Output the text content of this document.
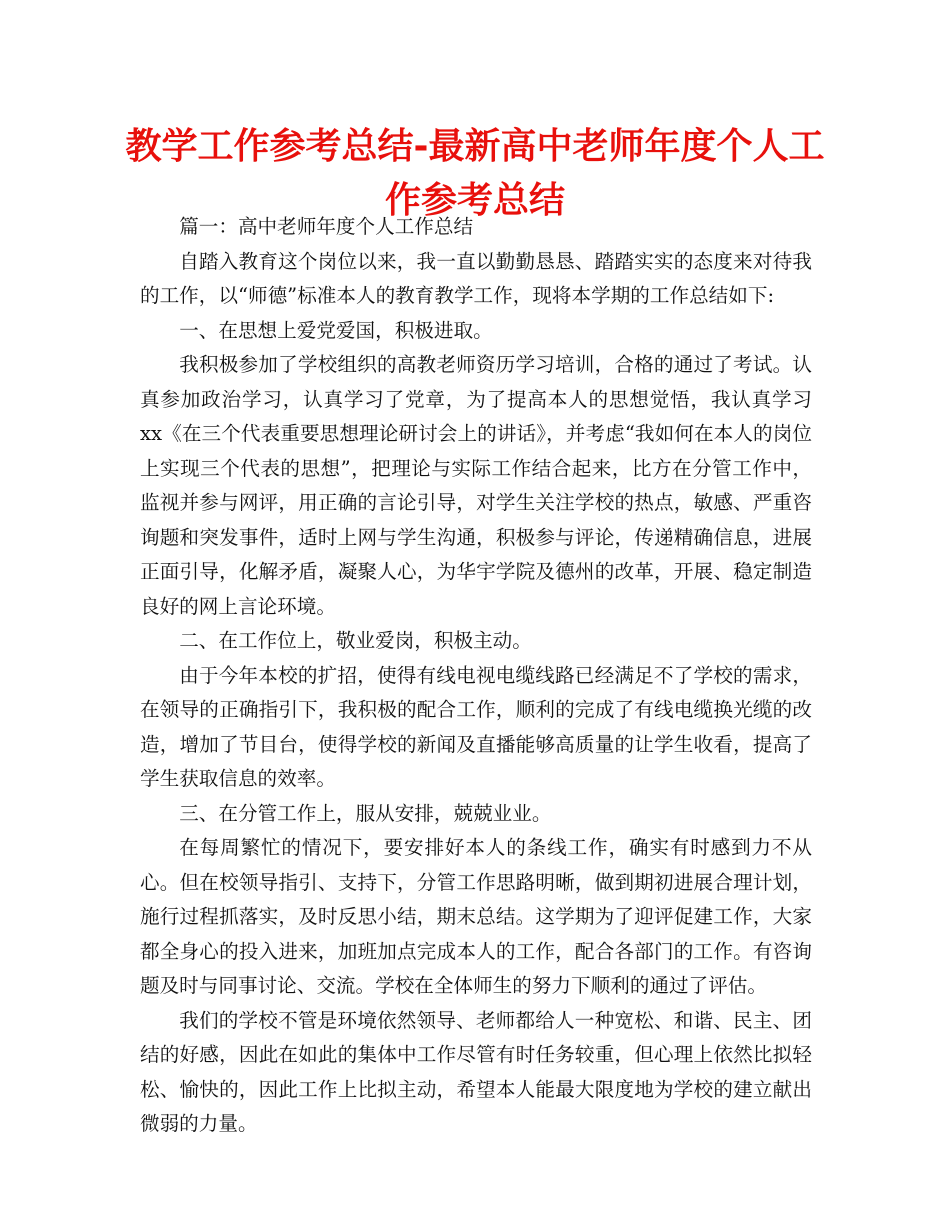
教学工作参考总结-最新高中老师年度个人工作参考总结

篇一：高中老师年度个人工作总结

自踏入教育这个岗位以来，我一直以勤勤恳恳、踏踏实实的态度来对待我的工作，以“师德”标准本人的教育教学工作，现将本学期的工作总结如下:

一、在思想上爱党爱国，积极进取。

我积极参加了学校组织的高教老师资历学习培训，合格的通过了考试。认真参加政治学习，认真学习了党章，为了提高本人的思想觉悟，我认真学习 xx《在三个代表重要思想理论研讨会上的讲话》，并考虑“我如何在本人的岗位上实现三个代表的思想”，把理论与实际工作结合起来，比方在分管工作中，监视并参与网评，用正确的言论引导，对学生关注学校的热点，敏感、严重咨询题和突发事件，适时上网与学生沟通，积极参与评论，传递精确信息，进展正面引导，化解矛盾，凝聚人心，为华宇学院及德州的改革，开展、稳定制造良好的网上言论环境。

二、在工作位上，敬业爱岗，积极主动。

由于今年本校的扩招，使得有线电视电缆线路已经满足不了学校的需求，在领导的正确指引下，我积极的配合工作，顺利的完成了有线电缆换光缆的改造，增加了节目台，使得学校的新闻及直播能够高质量的让学生收看，提高了学生获取信息的效率。

三、在分管工作上，服从安排，兢兢业业。

在每周繁忙的情况下，要安排好本人的条线工作，确实有时感到力不从心。但在校领导指引、支持下，分管工作思路明晰，做到期初进展合理计划，施行过程抓落实，及时反思小结，期末总结。这学期为了迎评促建工作，大家都全身心的投入进来，加班加点完成本人的工作，配合各部门的工作。有咨询题及时与同事讨论、交流。学校在全体师生的努力下顺利的通过了评估。

我们的学校不管是环境依然领导、老师都给人一种宽松、和谐、民主、团结的好感，因此在如此的集体中工作尽管有时任务较重，但心理上依然比拟轻松、愉快的，因此工作上比拟主动，希望本人能最大限度地为学校的建立献出微弱的力量。
